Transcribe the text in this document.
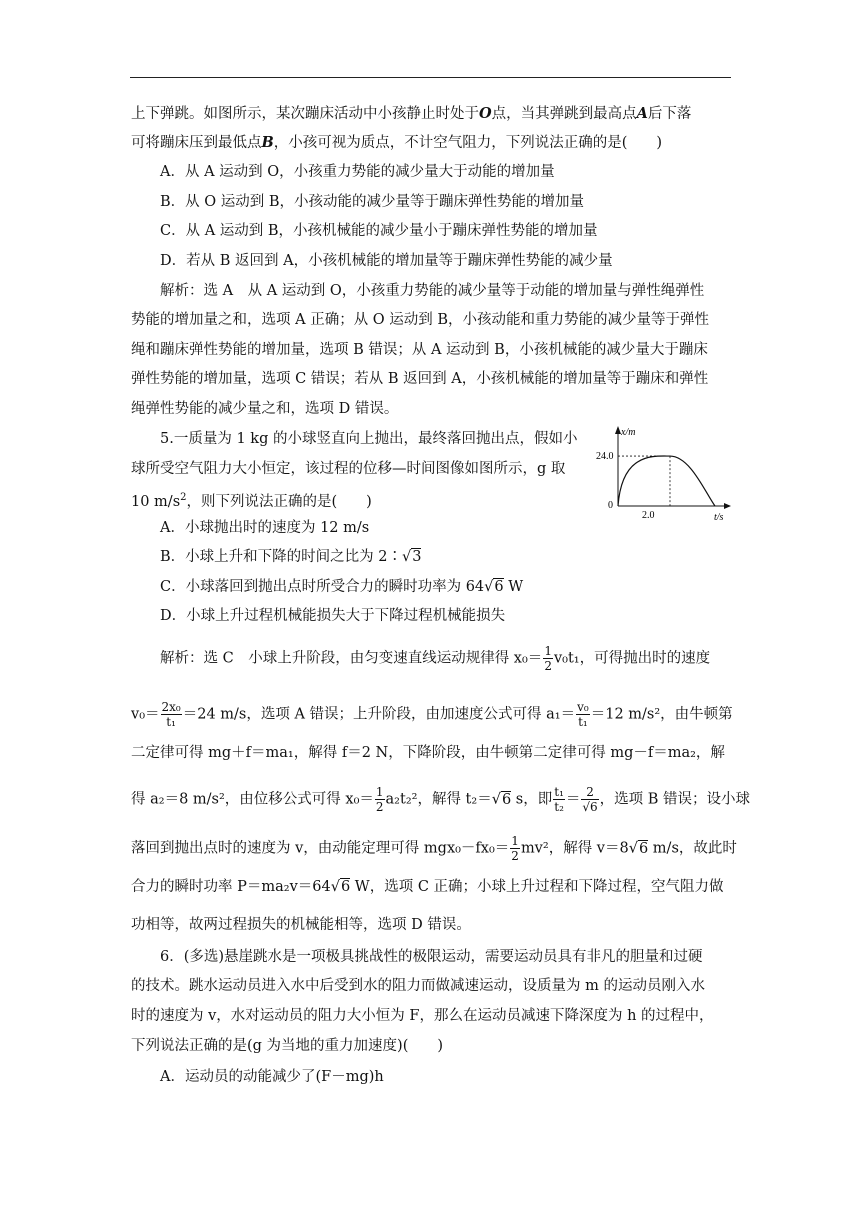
上下弹跳。如图所示，某次蹦床活动中小孩静止时处于O点，当其弹跳到最高点A后下落
可将蹦床压到最低点B，小孩可视为质点，不计空气阻力，下列说法正确的是(　　)
A．从 A 运动到 O，小孩重力势能的减少量大于动能的增加量
B．从 O 运动到 B，小孩动能的减少量等于蹦床弹性势能的增加量
C．从 A 运动到 B，小孩机械能的减少量小于蹦床弹性势能的增加量
D．若从 B 返回到 A，小孩机械能的增加量等于蹦床弹性势能的减少量
解析：选 A　从 A 运动到 O，小孩重力势能的减少量等于动能的增加量与弹性绳弹性
势能的增加量之和，选项 A 正确；从 O 运动到 B，小孩动能和重力势能的减少量等于弹性
绳和蹦床弹性势能的增加量，选项 B 错误；从 A 运动到 B，小孩机械能的减少量大于蹦床
弹性势能的增加量，选项 C 错误；若从 B 返回到 A，小孩机械能的增加量等于蹦床和弹性
绳弹性势能的减少量之和，选项 D 错误。
5.一质量为 1 kg 的小球竖直向上抛出，最终落回抛出点，假如小
球所受空气阻力大小恒定，该过程的位移—时间图像如图所示，g 取
10 $m/s^2$，则下列说法正确的是(　　)
A．小球抛出时的速度为 12 m/s
B．小球上升和下降的时间之比为 2∶√3
C．小球落回到抛出点时所受合力的瞬时功率为 64√6 W
D．小球上升过程机械能损失大于下降过程机械能损失
x/m
24.0
0
2.0	t/s
解析：选 C　小球上升阶段，由匀变速直线运动规律得 $x_0= \frac{1}{2} v_0t_1$，可得抛出时的速度
$v_0= \frac{\text{2x₀}}{\text{t₁}} =24$ m/s，选项 A 错误；上升阶段，由加速度公式可得 $a_1= \frac{\text{v₀}}{\text{t₁}} =12$ m/s²，由牛顿第
二定律可得 mg＋f＝ma₁，解得 f＝2 N，下降阶段，由牛顿第二定律可得 mg－f＝ma₂，解
得 a₂＝8 m/s²，由位移公式可得 $x_0= \frac{1}{2} a_2t_2^2$，解得 t₂＝√6 s，即 $\frac{\text{t₁}}{\text{t₂}} = \frac{2}{√6}$ ，选项 B 错误；设小球
落回到抛出点时的速度为 v，由动能定理可得 $mgx_0-fx_0= \frac{1}{2} mv^2$，解得 v＝8√6 m/s，故此时
合力的瞬时功率 P＝ma₂v＝64√6 W，选项 C 正确；小球上升过程和下降过程，空气阻力做
功相等，故两过程损失的机械能相等，选项 D 错误。
6．(多选)悬崖跳水是一项极具挑战性的极限运动，需要运动员具有非凡的胆量和过硬
的技术。跳水运动员进入水中后受到水的阻力而做减速运动，设质量为 m 的运动员刚入水
时的速度为 v，水对运动员的阻力大小恒为 F，那么在运动员减速下降深度为 h 的过程中，
下列说法正确的是(g 为当地的重力加速度)(　　)
A．运动员的动能减少了(F－mg)h
